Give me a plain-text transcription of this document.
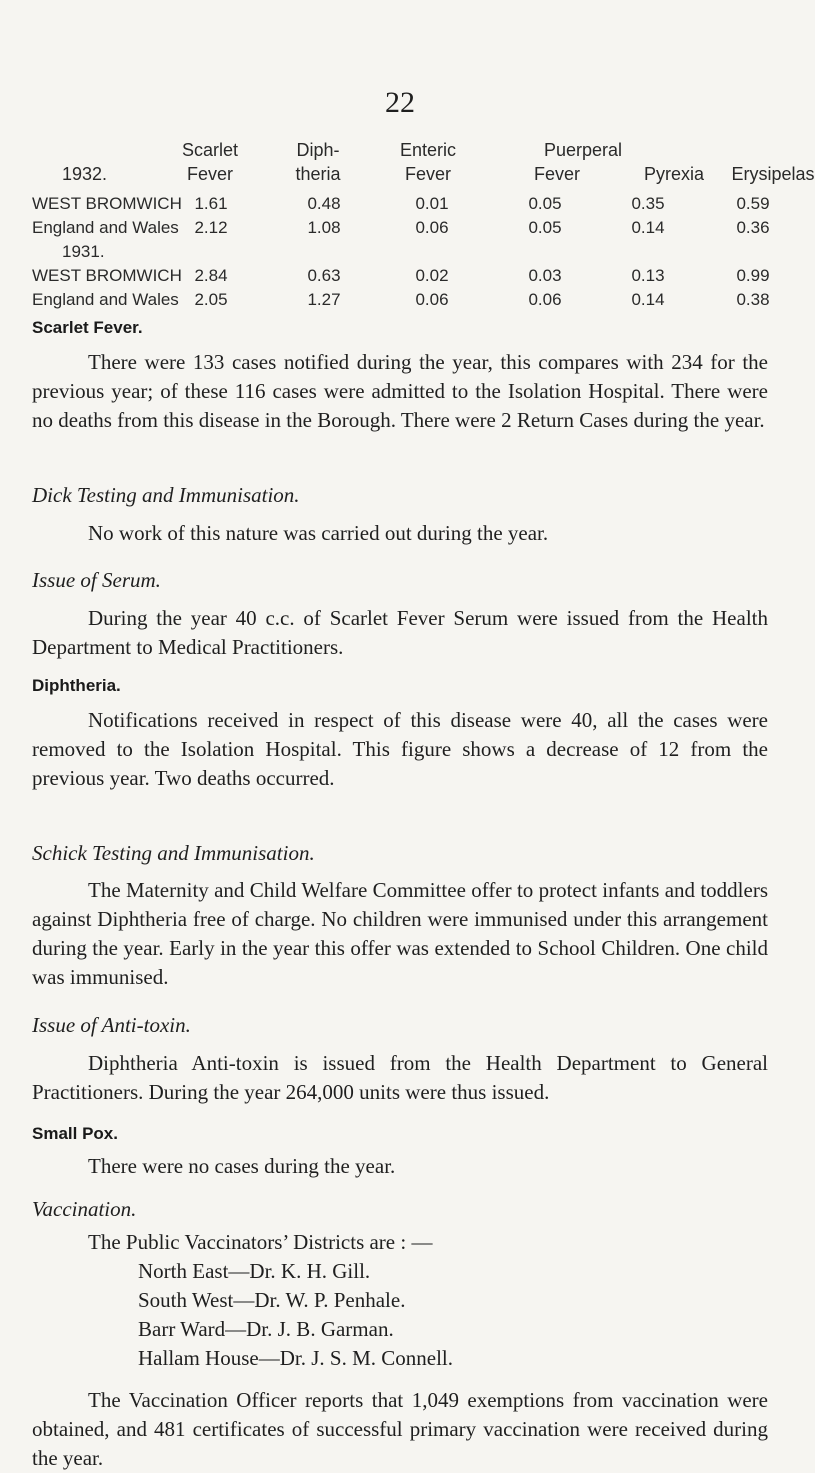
22
Scarlet	Diph-	Enteric	Puerperal
1932.	Fever	theria	Fever	Fever	Pyrexia Erysipelas
WEST BROMWICH 1.61	0.48	0.01	0.05	0.35	0.59
England and Wales 2.12	1.08	0.06	0.05	0.14	0.36
1931.
WEST BROMWICH 2.84	0.63	0.02	0.03	0.13	0.99
England and Wales 2.05	1.27	0.06	0.06	0.14	0.38
Scarlet Fever.
There were 133 cases notified during the year, this compares with 234 for the previous year; of these 116 cases were admitted to the Isolation Hospital. There were no deaths from this disease in the Borough. There were 2 Return Cases during the year.
Dick Testing and Immunisation.
No work of this nature was carried out during the year.
Issue of Serum.
During the year 40 c.c. of Scarlet Fever Serum were issued from the Health Department to Medical Practitioners.
Diphtheria.
Notifications received in respect of this disease were 40, all the cases were removed to the Isolation Hospital. This figure shows a decrease of 12 from the previous year. Two deaths occurred.
Schick Testing and Immunisation.
The Maternity and Child Welfare Committee offer to protect infants and toddlers against Diphtheria free of charge. No children were immunised under this arrangement during the year. Early in the year this offer was extended to School Children. One child was immunised.
Issue of Anti-toxin.
Diphtheria Anti-toxin is issued from the Health Department to General Practitioners. During the year 264,000 units were thus issued.
Small Pox.
There were no cases during the year.
Vaccination.
The Public Vaccinators’ Districts are : —
North East—Dr. K. H. Gill.
South West—Dr. W. P. Penhale.
Barr Ward—Dr. J. B. Garman.
Hallam House—Dr. J. S. M. Connell.
The Vaccination Officer reports that 1,049 exemptions from vaccination were obtained, and 481 certificates of successful primary vaccination were received during the year.
